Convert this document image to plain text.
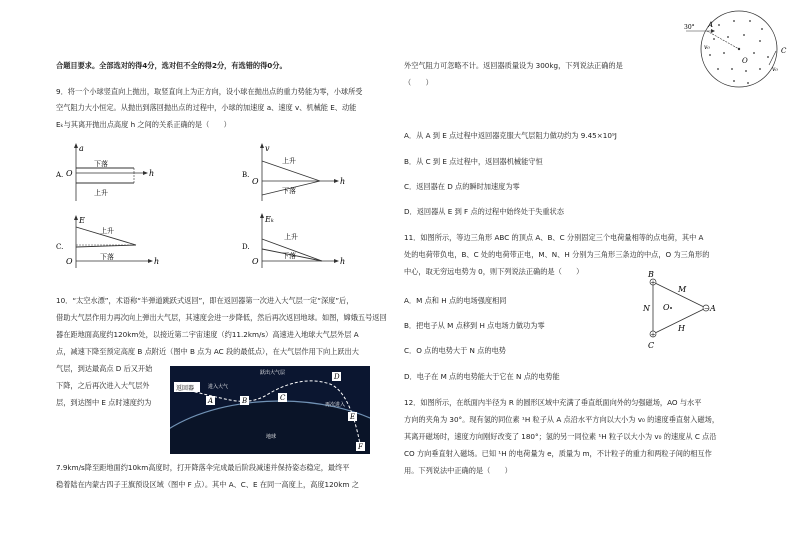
合题目要求。全部选对的得4分，选对但不全的得2分，有选错的得0分。
9．将一个小球竖直向上抛出，取竖直向上为正方向，设小球在抛出点的重力势能为零，小球所受
空气阻力大小恒定。从抛出到落回抛出点的过程中，小球的加速度 a、速度 v、机械能 E、动能
Eₖ与其离开抛出点高度 h 之间的关系正确的是（　　）
A.
a
h
O
下落
上升
B.
v
h
O
上升
下落
C.
E
h
O
上升
下落
D.
Eₖ
h
O
上升
下落
10．“太空水漂”，术语称“半弹道跳跃式返回”，即在返回器第一次进入大气层一定“深度”后，
借助大气层作用力再次向上弹出大气层，其速度会进一步降低，然后再次返回地球。如图，嫦娥五号返回
器在距地面高度约120km处，以接近第二宇宙速度（约11.2km/s）高速进入地球大气层外层 A
点，减速下降至预定高度 B 点附近（图中 B 点为 AC 段的最低点），在大气层作用下向上跃出大
气层，到达最高点 D 后又开始
下降，之后再次进入大气层外
层，到达图中 E 点时速度约为
返回器	进入大气
跃出大气层
再次进入
地球
A	B	C
D
E
F
7.9km/s降至距地面约10km高度时，打开降落伞完成最后阶段减速并保持姿态稳定，最终平
稳着陆在内蒙古四子王旗预设区域（图中 F 点）。其中 A、C、E 在同一高度上，高度120km 之
外空气阻力可忽略不计。返回器质量设为 300kg，下列说法正确的是
（　　）
O
30° A
v₀	C
v₀
A．从 A 到 E 点过程中返回器克服大气层阻力做功约为 9.45×10⁹J
B．从 C 到 E 点过程中，返回器机械能守恒
C．返回器在 D 点的瞬时加速度为零
D．返回器从 E 到 F 点的过程中始终处于失重状态
11．如图所示，等边三角形 ABC 的顶点 A、B、C 分别固定三个电荷量相等的点电荷，其中 A
处的电荷带负电，B、C 处的电荷带正电，M、N、H 分别为三角形三条边的中点，O 为三角形的
中心，取无穷远电势为 0，则下列说法正确的是（　　）
A．M 点和 H 点的电场强度相同
B．把电子从 M 点移到 H 点电场力做功为零
C．O 点的电势大于 N 点的电势
D．电子在 M 点的电势能大于它在 N 点的电势能
+
+
−
B
C
A
M
H
N O
12．如图所示，在纸面内半径为 R 的圆形区域中充满了垂直纸面向外的匀强磁场，AO 与水平
方向的夹角为 30°。现有氢的同位素 ¹H 粒子从 A 点沿水平方向以大小为 v₀ 的速度垂直射入磁场，
其离开磁场时，速度方向刚好改变了 180°；氢的另一同位素 ¹H 粒子以大小为 v₀ 的速度从 C 点沿
CO 方向垂直射入磁场。已知 ¹H 的电荷量为 e，质量为 m，不计粒子的重力和两粒子间的相互作
用。下列说法中正确的是（　　）
